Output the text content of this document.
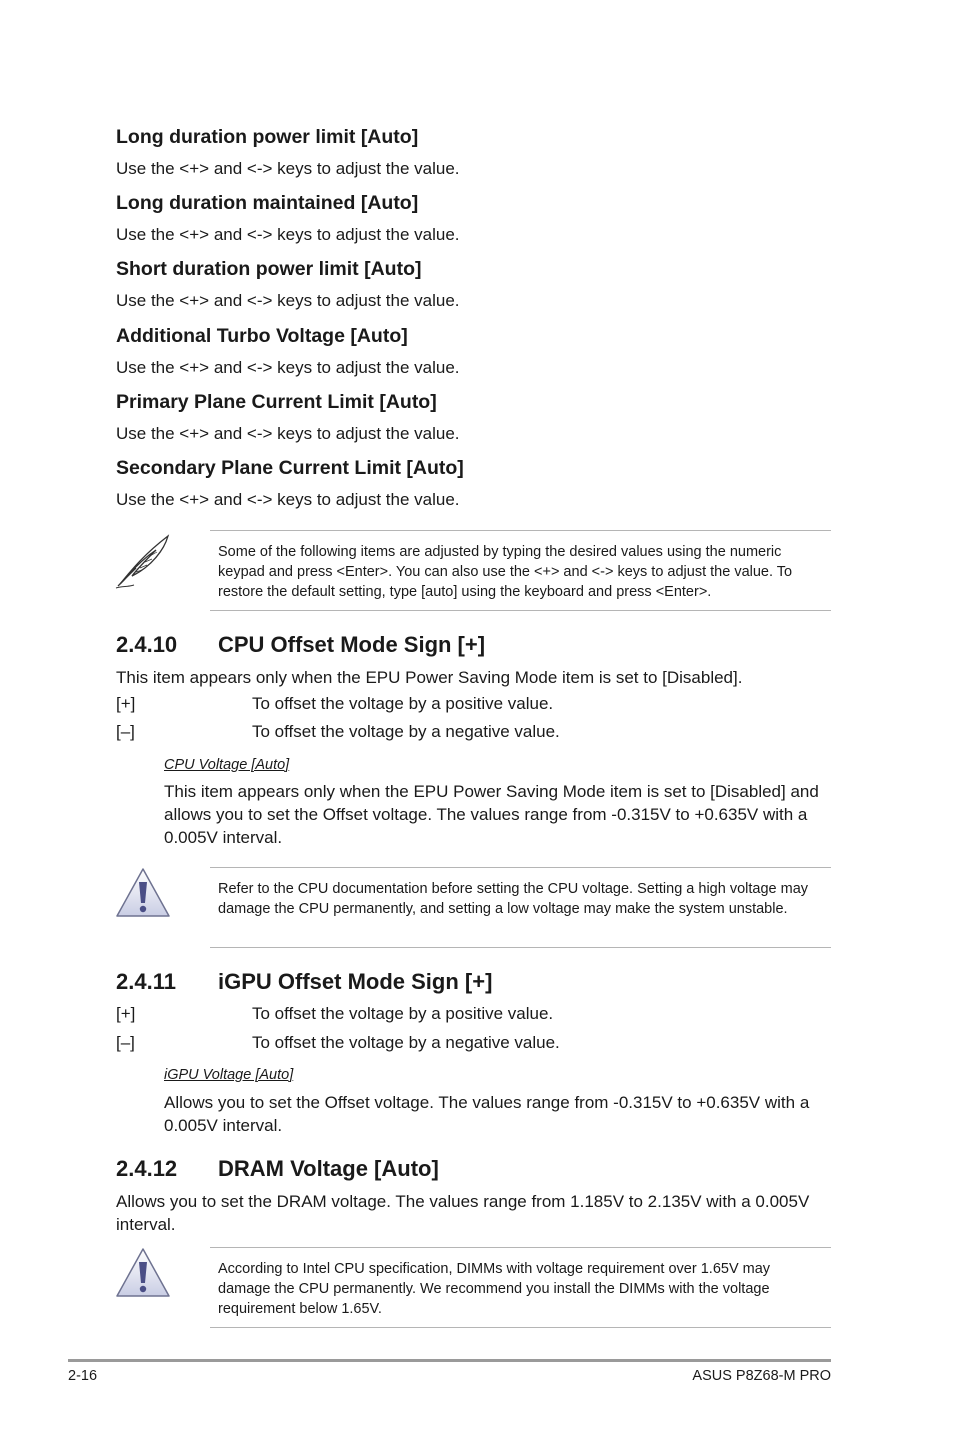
Long duration power limit [Auto]
Use the <+> and <-> keys to adjust the value.
Long duration maintained [Auto]
Use the <+> and <-> keys to adjust the value.
Short duration power limit [Auto]
Use the <+> and <-> keys to adjust the value.
Additional Turbo Voltage [Auto]
Use the <+> and <-> keys to adjust the value.
Primary Plane Current Limit [Auto]
Use the <+> and <-> keys to adjust the value.
Secondary Plane Current Limit [Auto]
Use the <+> and <-> keys to adjust the value.
Some of the following items are adjusted by typing the desired values using the numeric keypad and press <Enter>. You can also use the <+> and <-> keys to adjust the value. To restore the default setting, type [auto] using the keyboard and press <Enter>.
2.4.10 CPU Offset Mode Sign [+]
This item appears only when the EPU Power Saving Mode item is set to [Disabled].
[+]	To offset the voltage by a positive value.
[–]	To offset the voltage by a negative value.
CPU Voltage [Auto]
This item appears only when the EPU Power Saving Mode item is set to [Disabled] and allows you to set the Offset voltage. The values range from -0.315V to +0.635V with a 0.005V interval.
Refer to the CPU documentation before setting the CPU voltage. Setting a high voltage may damage the CPU permanently, and setting a low voltage may make the system unstable.
2.4.11 iGPU Offset Mode Sign [+]
[+]	To offset the voltage by a positive value.
[–]	To offset the voltage by a negative value.
iGPU Voltage [Auto]
Allows you to set the Offset voltage. The values range from -0.315V to +0.635V with a 0.005V interval.
2.4.12 DRAM Voltage [Auto]
Allows you to set the DRAM voltage. The values range from 1.185V to 2.135V with a 0.005V interval.
According to Intel CPU specification, DIMMs with voltage requirement over 1.65V may damage the CPU permanently. We recommend you install the DIMMs with the voltage requirement below 1.65V.
2-16	ASUS P8Z68-M PRO
